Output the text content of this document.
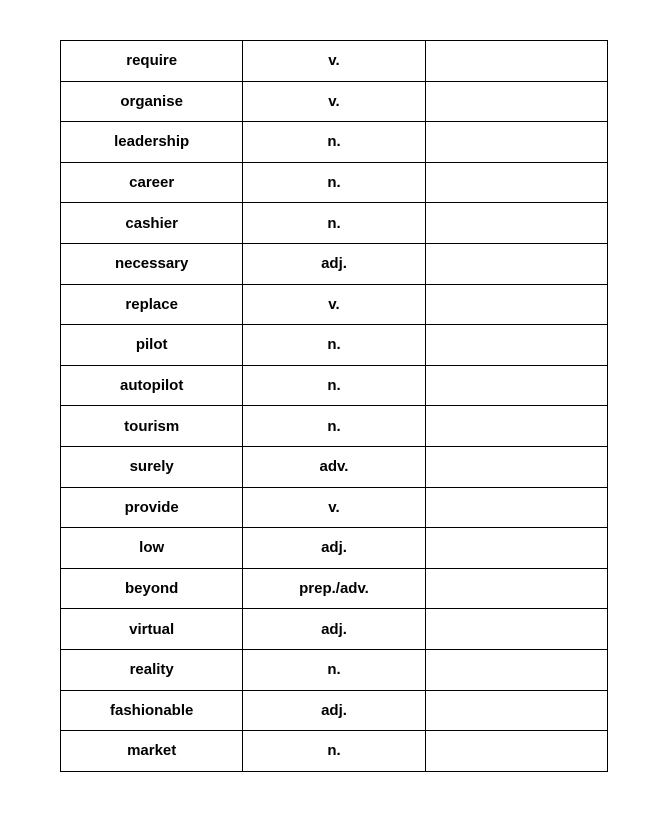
require	v.	
organise	v.	
leadership	n.	
career	n.	
cashier	n.	
necessary	adj.	
replace	v.	
pilot	n.	
autopilot	n.	
tourism	n.	
surely	adv.	
provide	v.	
low	adj.	
beyond	prep./adv.	
virtual	adj.	
reality	n.	
fashionable	adj.	
market	n.	
